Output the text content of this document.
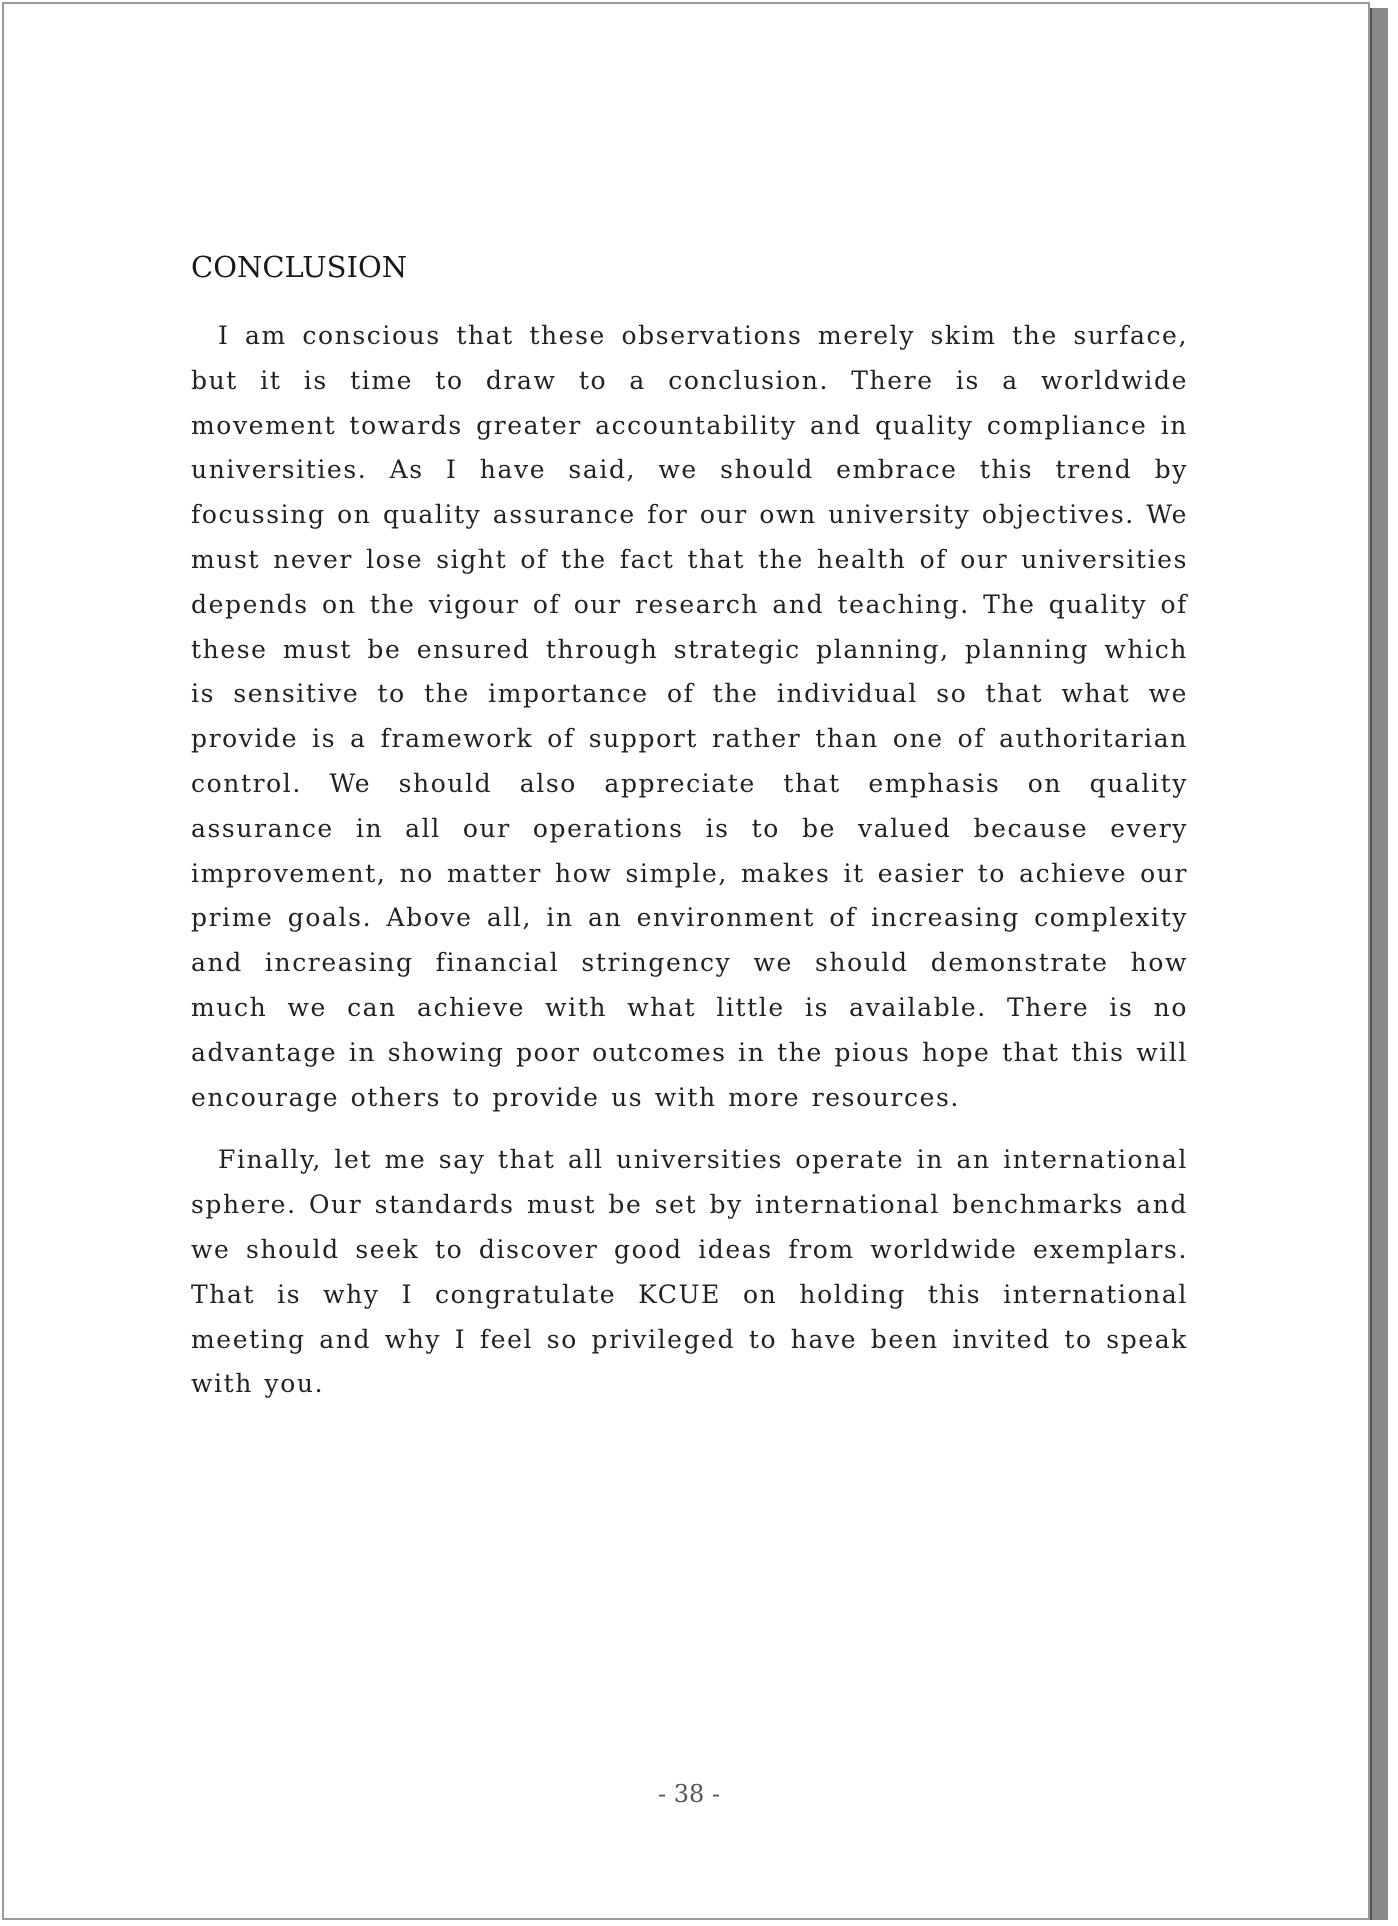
CONCLUSION

I am conscious that these observations merely skim the surface, but it is time to draw to a conclusion. There is a worldwide movement towards greater accountability and quality compliance in universities. As I have said, we should embrace this trend by focussing on quality assurance for our own university objectives. We must never lose sight of the fact that the health of our universities depends on the vigour of our research and teaching. The quality of these must be ensured through strategic planning, planning which is sensitive to the importance of the individual so that what we provide is a framework of support rather than one of authoritarian control. We should also appreciate that emphasis on quality assurance in all our operations is to be valued because every improvement, no matter how simple, makes it easier to achieve our prime goals. Above all, in an environment of increasing complexity and increasing financial stringency we should demonstrate how much we can achieve with what little is available. There is no advantage in showing poor outcomes in the pious hope that this will encourage others to provide us with more resources.

Finally, let me say that all universities operate in an international sphere. Our standards must be set by international benchmarks and we should seek to discover good ideas from worldwide exemplars. That is why I congratulate KCUE on holding this international meeting and why I feel so privileged to have been invited to speak with you.

- 38 -
